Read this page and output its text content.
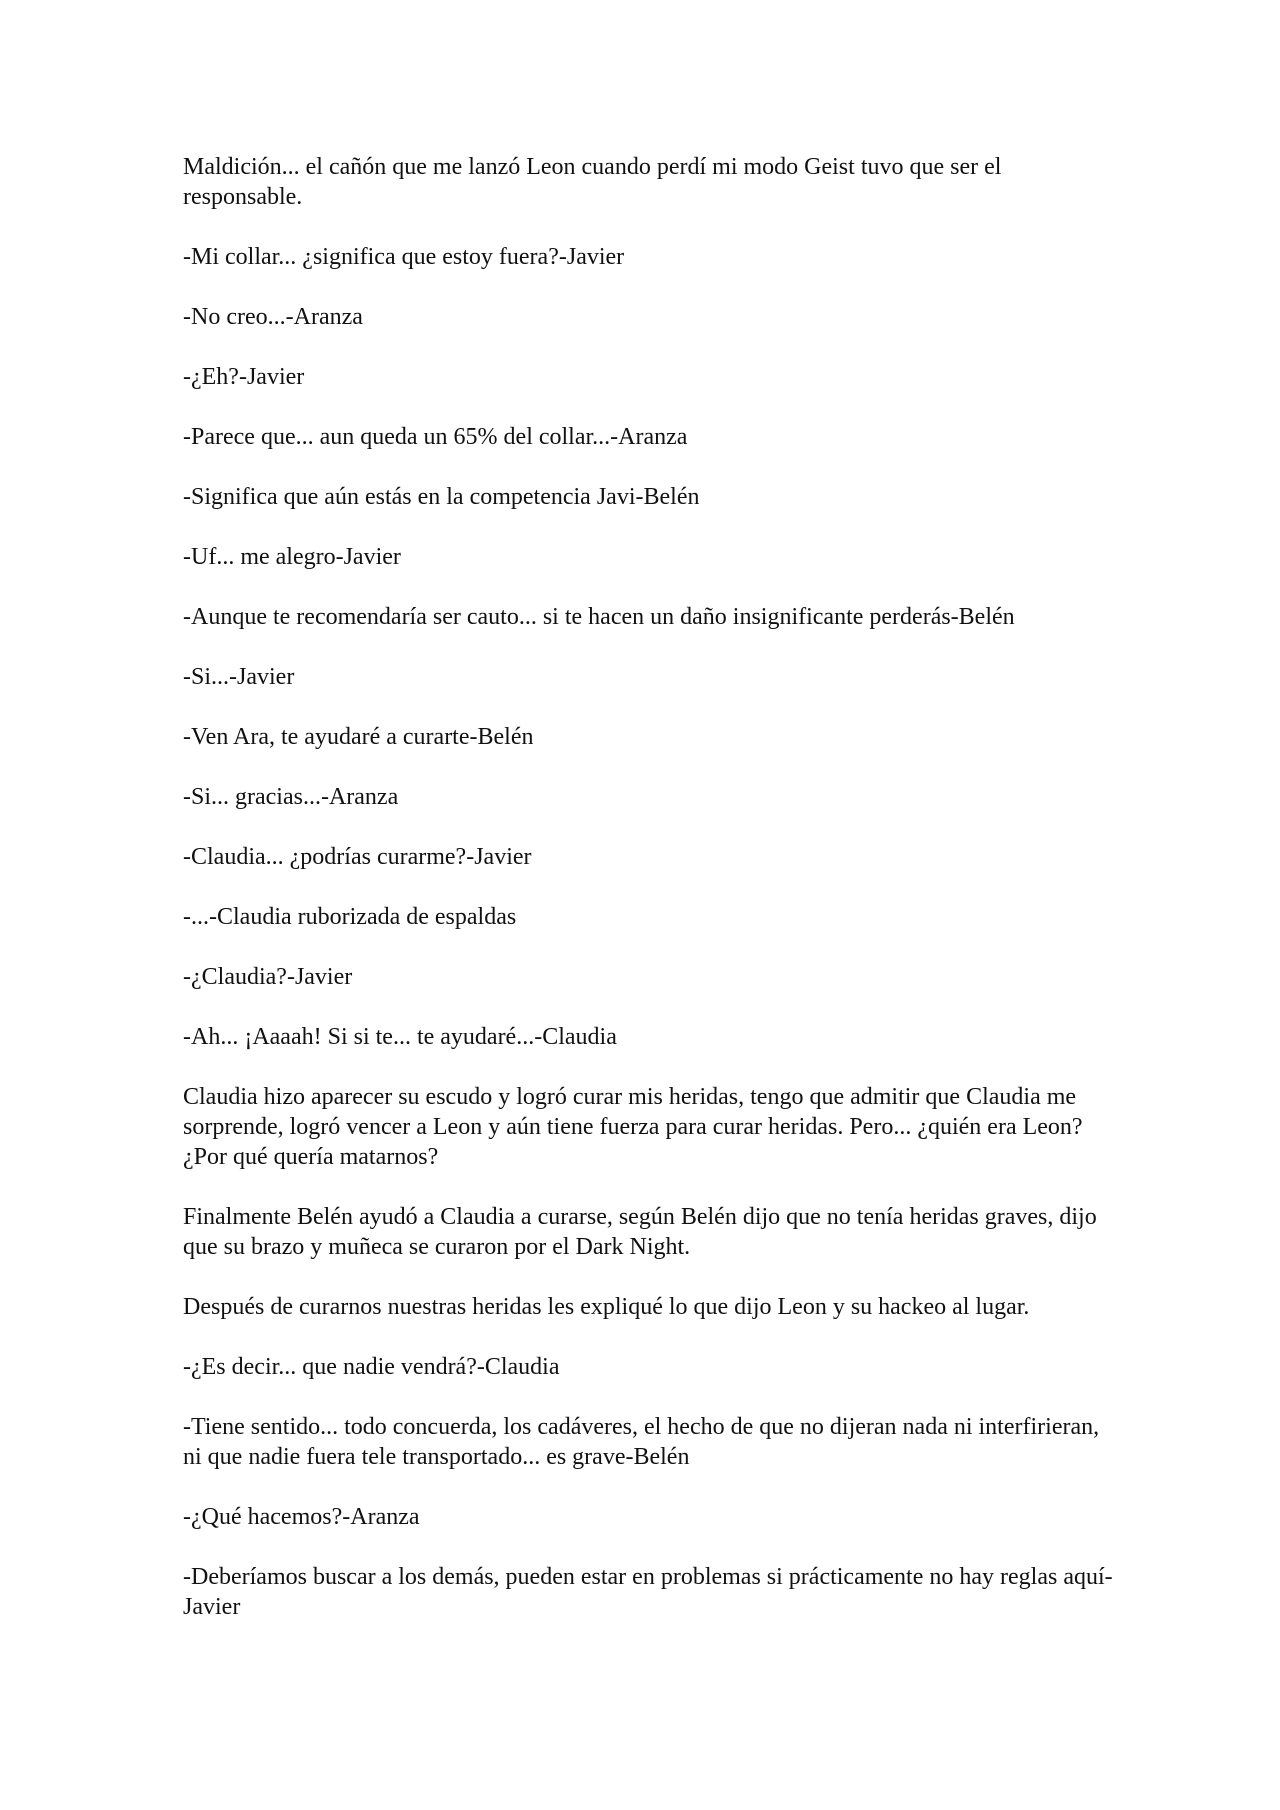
Maldición... el cañón que me lanzó Leon cuando perdí mi modo Geist tuvo que ser el responsable.

-Mi collar... ¿significa que estoy fuera?-Javier

-No creo...-Aranza

-¿Eh?-Javier

-Parece que... aun queda un 65% del collar...-Aranza

-Significa que aún estás en la competencia Javi-Belén

-Uf... me alegro-Javier

-Aunque te recomendaría ser cauto... si te hacen un daño insignificante perderás-Belén

-Si...-Javier

-Ven Ara, te ayudaré a curarte-Belén

-Si... gracias...-Aranza

-Claudia... ¿podrías curarme?-Javier

-...-Claudia ruborizada de espaldas

-¿Claudia?-Javier

-Ah... ¡Aaaah! Si si te... te ayudaré...-Claudia

Claudia hizo aparecer su escudo y logró curar mis heridas, tengo que admitir que Claudia me sorprende, logró vencer a Leon y aún tiene fuerza para curar heridas. Pero... ¿quién era Leon? ¿Por qué quería matarnos?

Finalmente Belén ayudó a Claudia a curarse, según Belén dijo que no tenía heridas graves, dijo que su brazo y muñeca se curaron por el Dark Night.

Después de curarnos nuestras heridas les expliqué lo que dijo Leon y su hackeo al lugar.

-¿Es decir... que nadie vendrá?-Claudia

-Tiene sentido... todo concuerda, los cadáveres, el hecho de que no dijeran nada ni interfirieran, ni que nadie fuera tele transportado... es grave-Belén

-¿Qué hacemos?-Aranza

-Deberíamos buscar a los demás, pueden estar en problemas si prácticamente no hay reglas aquí-Javier
